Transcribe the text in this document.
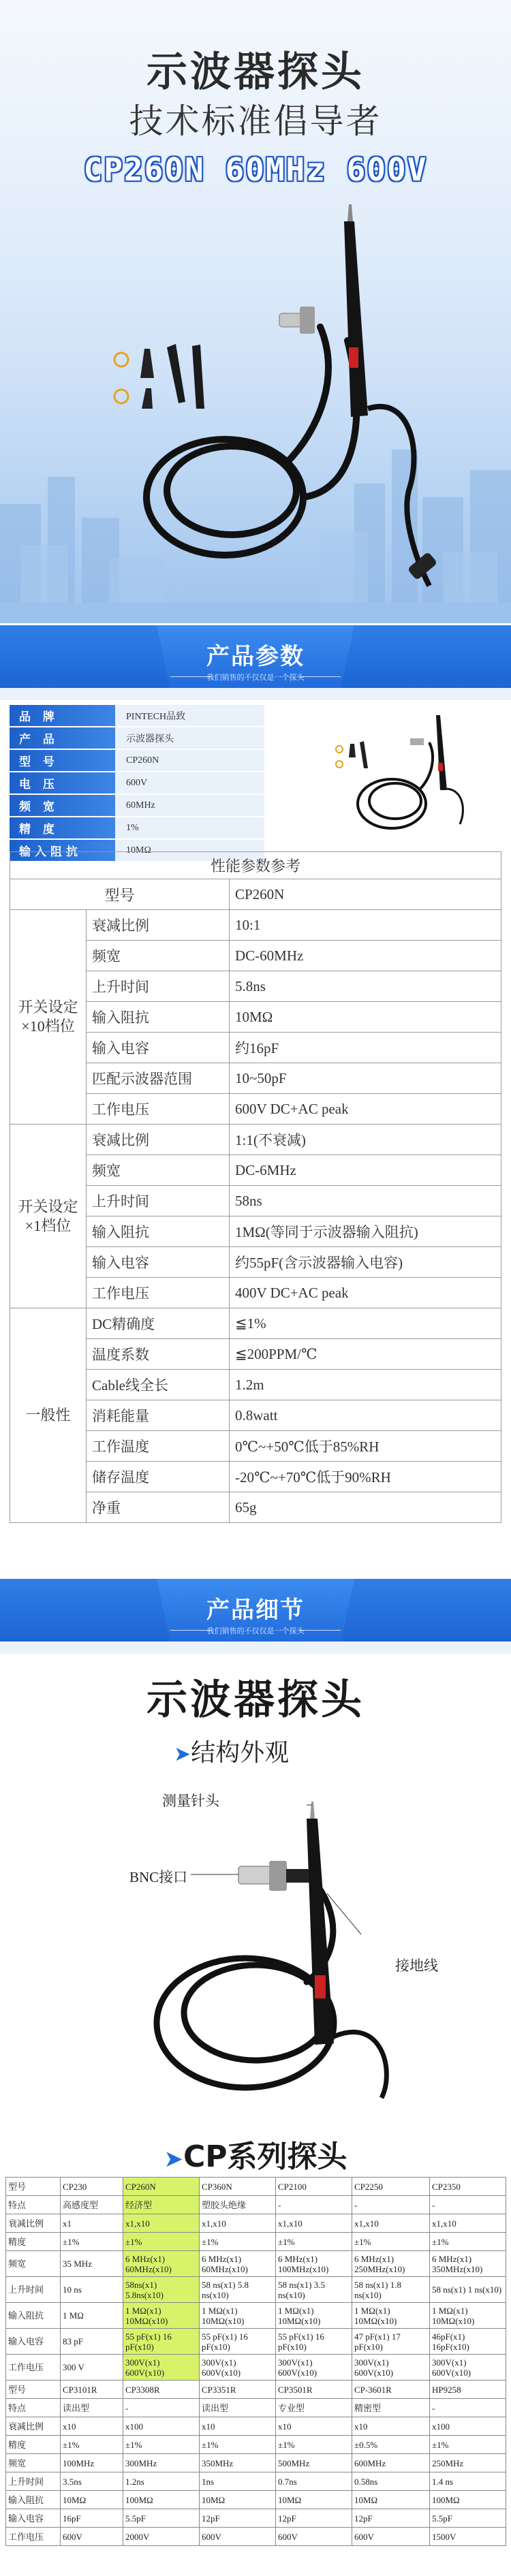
示波器探头
技术标准倡导者
CP260N 60MHz 600V
产品参数
我们销售的不仅仅是一个探头
品 牌	PINTECH品致
产 品	示波器探头
型 号	CP260N
电 压	600V
频 宽	60MHz
精 度	1%
输入阻抗	10MΩ
性能参数参考		
型号		CP260N
开关设定
×10档位	衰减比例	10:1
	频宽	DC-60MHz
	上升时间	5.8ns
	输入阻抗	10MΩ
	输入电容	约16pF
	匹配示波器范围	10~50pF
	工作电压	600V DC+AC peak
开关设定
×1档位	衰减比例	1:1(不衰减)
	频宽	DC-6MHz
	上升时间	58ns
	输入阻抗	1MΩ(等同于示波器输入阻抗)
	输入电容	约55pF(含示波器输入电容)
	工作电压	400V DC+AC peak
一般性	DC精确度	≦1%
	温度系数	≦200PPM/℃
	Cable线全长	1.2m
	消耗能量	0.8watt
	工作温度	0℃~+50℃低于85%RH
	储存温度	-20℃~+70℃低于90%RH
	净重	65g
产品细节
我们销售的不仅仅是一个探头
示波器探头
➤结构外观
测量针头
BNC接口
接地线
➤CP系列探头
型号	CP230	CP260N	CP360N	CP2100	CP2250	CP2350
特点	高感度型	经济型	塑胶头绝缘	-	-	-
衰减比例	x1	x1,x10	x1,x10	x1,x10	x1,x10	x1,x10
精度	±1%	±1%	±1%	±1%	±1%	±1%
频宽	35 MHz	6 MHz(x1) 60MHz(x10)	6 MHz(x1) 60MHz(x10)	6 MHz(x1) 100MHz(x10)	6 MHz(x1) 250MHz(x10)	6 MHz(x1) 350MHz(x10)
上升时间	10 ns	58ns(x1) 5.8ns(x10)	58 ns(x1) 5.8 ns(x10)	58 ns(x1) 3.5 ns(x10)	58 ns(x1) 1.8 ns(x10)	58 ns(x1) 1 ns(x10)
输入阻抗	1 MΩ	1 MΩ(x1) 10MΩ(x10)	1 MΩ(x1) 10MΩ(x10)	1 MΩ(x1) 10MΩ(x10)	1 MΩ(x1) 10MΩ(x10)	1 MΩ(x1) 10MΩ(x10)
输入电容	83 pF	55 pF(x1) 16 pF(x10)	55 pF(x1) 16 pF(x10)	55 pF(x1) 16 pF(x10)	47 pF(x1) 17 pF(x10)	46pF(x1) 16pF(x10)
工作电压	300 V	300V(x1) 600V(x10)	300V(x1) 600V(x10)	300V(x1) 600V(x10)	300V(x1) 600V(x10)	300V(x1) 600V(x10)
型号	CP3101R	CP3308R	CP3351R	CP3501R	CP-3601R	HP9258
特点	读出型	-	读出型	专业型	精密型	-
衰减比例	x10	x100	x10	x10	x10	x100
精度	±1%	±1%	±1%	±1%	±0.5%	±1%
频宽	100MHz	300MHz	350MHz	500MHz	600MHz	250MHz
上升时间	3.5ns	1.2ns	1ns	0.7ns	0.58ns	1.4 ns
输入阻抗	10MΩ	100MΩ	10MΩ	10MΩ	10MΩ	100MΩ
输入电容	16pF	5.5pF	12pF	12pF	12pF	5.5pF
工作电压	600V	2000V	600V	600V	600V	1500V
